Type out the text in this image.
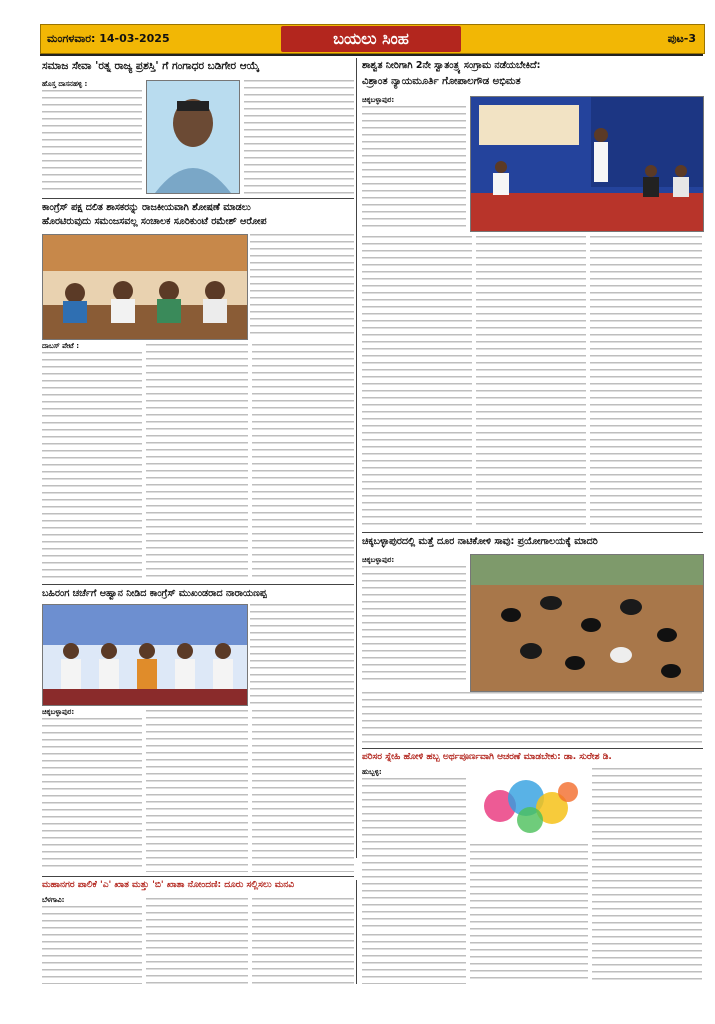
ಮಂಗಳವಾರ: 14-03-2025	ಬಯಲು ಸಿಂಹ	ಪುಟ-3
ಸಮಾಜ ಸೇವಾ 'ರತ್ನ ರಾಜ್ಯ ಪ್ರಶಸ್ತಿ' ಗೆ ಗಂಗಾಧರ ಬಡಿಗೇರ ಆಯ್ಕೆ
ಹೊಸ್ತ ದಾಸನಹಳ್ಳಿ :
ಕಾಂಗ್ರೆಸ್ ಪಕ್ಷ ದಲಿತ ಶಾಸಕರನ್ನು ರಾಜಕೀಯವಾಗಿ ಶೋಷಣೆ ಮಾಡಲು
ಹೊರಟಿರುವುದು ಸಮಂಜಸವಲ್ಲ ಸಂಚಾಲಕ ಸೂರಿಕುಂಟೆ ರಮೇಶ್ ಆರೋಪ
ದಾಬಸ್ ಪೇಟೆ :
ಬಹಿರಂಗ ಚರ್ಚೆಗೆ ಆಹ್ವಾನ ನೀಡಿದ ಕಾಂಗ್ರೆಸ್ ಮುಖಂಡರಾದ ನಾರಾಯಣಪ್ಪ
ಚಿಕ್ಕಬಳ್ಳಾಪುರ:
ಶಾಶ್ವತ ನೀರಿಗಾಗಿ 2ನೇ ಸ್ವಾತಂತ್ರ್ಯ ಸಂಗ್ರಾಮ ನಡೆಯಬೇಕಿದೆ:
ವಿಶ್ರಾಂತ ನ್ಯಾಯಮೂರ್ತಿ ಗೋಪಾಲಗೌಡ ಅಭಿಮತ
ಚಿಕ್ಕಬಳ್ಳಾಪುರ:
ಚಿಕ್ಕಬಳ್ಳಾಪುರದಲ್ಲಿ ಮತ್ತೆ ದೂರ ನಾಟಿಕೋಳಿ ಸಾವು: ಪ್ರಯೋಗಾಲಯಕ್ಕೆ ಮಾದರಿ
ಚಿಕ್ಕಬಳ್ಳಾಪುರ:
ಪರಿಸರ ಸ್ನೇಹಿ ಹೋಳಿ ಹಬ್ಬ ಅರ್ಥಪೂರ್ಣವಾಗಿ ಆಚರಣೆ ಮಾಡಬೇಕು: ಡಾ. ಸುರೇಶ ಡಿ.
ಹುಬ್ಬಳ್ಳಿ:
ಮಹಾನಗರ ಪಾಲಿಕೆ 'ಎ' ಖಾತ ಮತ್ತು 'ಬಿ' ಖಾತಾ ನೋಂದಣಿ: ದೂರು ಸಲ್ಲಿಸಲು ಮನವಿ
ಬೆಳಗಾವಿ:
